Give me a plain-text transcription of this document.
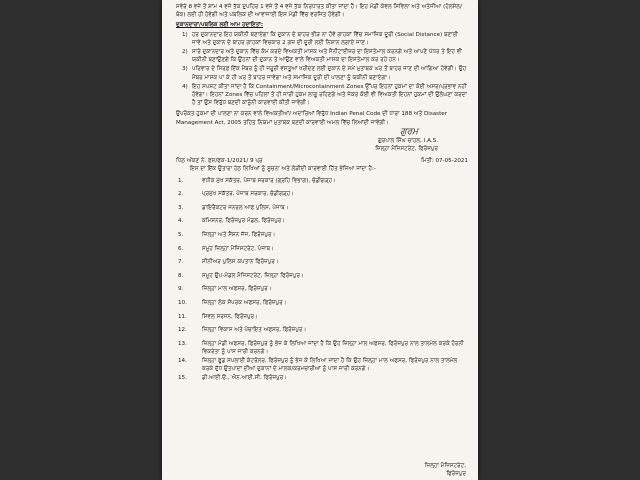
ਸਵੇਰੇ 8 ਵਜੇ ਤੋਂ ਸ਼ਾਮ 4 ਵਜੇ ਤੱਕ ਦੁਪਹਿਰ 1 ਵਜੇ ਤੋਂ 4 ਵਜੇ ਤੱਕ ਨਿਰਧਾਰਤ ਕੀਤਾ ਜਾਂਦਾ ਹੈ। ਇਹ ਮੰਡੀ ਕੇਵਲ ਸਿਵਿਲਾ ਅਤੇ ਅਤੇਜੀਆ (ਹੋਲਸੇਲ/ਥੋਕ) ਲਈ ਹੀ ਹੋਵੇਗੀ ਅਤੇ ਪਬਲਿਕ ਦੀ ਆਵਾਜਾਈ ਇਸ ਮੰਡੀ ਵਿੱਚ ਵਰਜਿਤ ਹੋਵੇਗੀ।

ਦੁਕਾਨਦਾਰਾਂ/ਪਬਲਿਕ ਲਈ ਆਮ ਹਦਾਇਤਾਂ:

1) ਹਰ ਦੁਕਾਨਦਾਰ ਇਹ ਯਕੀਨੀ ਬਣਾਏਗਾ ਕਿ ਦੁਕਾਨ ਦੇ ਬਾਹਰ ਭੀੜ ਨਾ ਹੋਵੇ ਗਾਹਕਾਂ ਵਿੱਚ ਸਮਾਜਿਕ ਦੂਰੀ (Social Distance) ਬਣਾਈ ਜਾਵੇ ਅਤੇ ਦੁਕਾਨ ਦੇ ਬਾਹਰ ਗਾਹਕਾਂ ਵਿਚਕਾਰ 2 ਗਜ਼ ਦੀ ਦੂਰੀ ਲਈ ਨਿਸ਼ਾਨ ਲਗਾਏ ਜਾਣ।
2) ਸਾਰੇ ਦੁਕਾਨਦਾਰ ਅਤੇ ਦੁਕਾਨ ਵਿੱਚ ਕੰਮ ਕਰਦੇ ਵਿਅਕਤੀ ਮਾਸਕ ਅਤੇ ਸੈਨੀਟਾਈਜ਼ਰ ਦਾ ਇਸਤੇਮਾਲ ਕਰਨਗੇ ਅਤੇ ਆਪਣੇ ਪੱਧਰ ਤੇ ਇਹ ਵੀ ਯਕੀਨੀ ਬਣਾਉਣਗੇ ਕਿ ਉਹਨਾਂ ਦੀ ਦੁਕਾਨ ਤੇ ਆਉਣ ਵਾਲੇ ਵਿਅਕਤੀ ਮਾਸਕ ਦਾ ਇਸਤੇਮਾਲ ਕਰ ਰਹੇ ਹਨ।
3) ਪਰਿਵਾਰ ਦੇ ਸਿਰਫ਼ ਇੱਕ ਮੈਂਬਰ ਨੂੰ ਹੀ ਜਰੂਰੀ ਵਸਤੂਆਂ ਖਰੀਦਣ ਲਈ ਦੁਕਾਨ ਦੇ ਸਮੇਂ ਮੁਤਾਬਕ ਘਰ ਤੋਂ ਬਾਹਰ ਜਾਣ ਦੀ ਆਗਿਆ ਹੋਵੇਗੀ। ਉਹ ਮੈਂਬਰ ਮਾਸਕ ਪਾ ਕੇ ਹੀ ਘਰ ਤੋਂ ਬਾਹਰ ਜਾਵੇਗਾ ਅਤੇ ਸਮਾਜਿਕ ਦੂਰੀ ਦੀ ਪਾਲਣਾ ਨੂੰ ਯਕੀਨੀ ਬਣਾਏਗਾ।
4) ਇਹ ਸਪਸ਼ਟ ਕੀਤਾ ਜਾਂਦਾ ਹੈ ਕਿ Containment/Microcontainment Zones ਉੱਪਰ ਇਹਨਾਂ ਹੁਕਮਾਂ ਦਾ ਕੋਈ ਅਸਰ/ਪ੍ਰਭਾਵ ਨਹੀਂ ਹੋਵੇਗਾ। ਇਹਨਾਂ Zones ਵਿੱਚ ਪਹਿਲਾਂ ਤੋਂ ਹੀ ਜਾਰੀ ਹੁਕਮ ਲਾਗੂ ਰਹਿਣਗੇ ਅਤੇ ਜੇਕਰ ਕੋਈ ਵੀ ਵਿਅਕਤੀ ਇਹਨਾਂ ਹੁਕਮਾਂ ਦੀ ਉਲੰਘਣਾ ਕਰਦਾ ਹੈ ਤਾਂ ਉਸ ਵਿਰੁੱਧ ਬਣਦੀ ਕਾਨੂੰਨੀ ਕਾਰਵਾਈ ਕੀਤੀ ਜਾਵੇਗੀ।

ਉਪਰੋਕਤ ਹੁਕਮਾਂ ਦੀ ਪਾਲਣਾ ਨਾ ਕਰਨ ਵਾਲੇ ਵਿਅਕਤੀਆਂ/ ਅਦਾਰਿਆਂ ਵਿਰੁੱਧ Indian Penal Code ਦੀ ਧਾਰਾ 188 ਅਤੇ Disaster Management Act, 2005 ਤਹਿਤ ਨਿਯਮਾਂ ਮੁਤਾਬਕ ਬਣਦੀ ਕਾਰਵਾਈ ਅਮਲ ਵਿੱਚ ਲਿਆਂਦੀ ਜਾਵੇਗੀ।

ਗੁਰਮ
ਗੁਰਪਾਲ ਸਿੰਘ ਚਾਹਲ, I.A.S.
ਜ਼ਿਲ੍ਹਾ ਮੈਜਿਸਟਰੇਟ, ਫਿਰੋਜ਼ਪੁਰ
ਪਿੱਠ ਅੰਕਣ ਨੰ. ਫਸ/ਫਕ-1/2021/ 9̄ ਪ੍ਰ	ਮਿਤੀ: 07-05-2021

ਇਸ ਦਾ ਇੱਕ ਉਤਾਰਾ ਹੇਠ ਲਿਖਿਆਂ ਨੂੰ ਸੂਚਨਾ ਅਤੇ ਲੋੜੀਂਦੀ ਕਾਰਵਾਈ ਹਿੱਤ ਭੇਜਿਆ ਜਾਂਦਾ ਹੈ:-

1.	ਵਧੀਕ ਮੁੱਖ ਸਕੱਤਰ, ਪੰਜਾਬ ਸਰਕਾਰ (ਗ੍ਰਹਿ ਵਿਭਾਗ), ਚੰਡੀਗੜ੍ਹ।
2.	ਪ੍ਰਮੁੱਖ ਸਕੱਤਰ, ਪੰਜਾਬ ਸਰਕਾਰ, ਚੰਡੀਗੜ੍ਹ।
3.	ਡਾਇਰੈਕਟਰ ਜਨਰਲ ਆਫ ਪੁਲਿਸ, ਪੰਜਾਬ।
4.	ਕਮਿਸ਼ਨਰ, ਫਿਰੋਜ਼ਪੁਰ ਮੰਡਲ, ਫਿਰੋਜ਼ਪੁਰ।
5.	ਜ਼ਿਲ੍ਹਾ ਅਤੇ ਸੈਸ਼ਨ ਜੱਜ, ਫਿਰੋਜ਼ਪੁਰ।
6.	ਸਮੂਹ ਜ਼ਿਲ੍ਹਾ ਮੈਜਿਸਟਰੇਟ, ਪੰਜਾਬ।
7.	ਸੀਨੀਅਰ ਪੁਲਿਸ ਕਪਤਾਨ ਫਿਰੋਜ਼ਪੁਰ।
8.	ਸਮੂਹ ਉਪ-ਮੰਡਲ ਮੈਜਿਸਟਰੇਟ, ਜ਼ਿਲ੍ਹਾ ਫਿਰੋਜ਼ਪੁਰ।
9.	ਜ਼ਿਲ੍ਹਾ ਮਾਲ ਅਫਸਰ, ਫਿਰੋਜ਼ਪੁਰ।
10.	ਜ਼ਿਲ੍ਹਾ ਲੋਕ ਸੰਪਰਕ ਅਫਸਰ, ਫਿਰੋਜ਼ਪੁਰ।
11.	ਸਿਵਲ ਸਰਜਨ, ਫਿਰੋਜ਼ਪੁਰ।
12.	ਜ਼ਿਲ੍ਹਾ ਵਿਕਾਸ ਅਤੇ ਪੰਚਾਇਤ ਅਫਸਰ, ਫਿਰੋਜ਼ਪੁਰ।
13.	ਜ਼ਿਲ੍ਹਾ ਮੰਡੀ ਅਫਸਰ, ਫਿਰੋਜ਼ਪੁਰ ਨੂੰ ਭੇਜ ਕੇ ਲਿਖਿਆ ਜਾਂਦਾ ਹੈ ਕਿ ਉਹ ਜ਼ਿਲ੍ਹਾ ਮਾਲ ਅਫਸਰ, ਫਿਰੋਜ਼ਪੁਰ ਨਾਲ ਤਾਲਮੇਲ ਕਰਕੇ ਹੋਰਨੀ ਵਿਕਰੇਤਾ ਨੂੰ ਪਾਸ ਜਾਰੀ ਕਰਨਗੇ।
14.	ਜ਼ਿਲ੍ਹਾ ਫੂਡ ਸਪਲਾਈ ਕੰਟਰੋਲਰ, ਫਿਰੋਜ਼ਪੁਰ ਨੂੰ ਭੇਜ ਕੇ ਲਿਖਿਆ ਜਾਂਦਾ ਹੈ ਕਿ ਉਹ ਜ਼ਿਲ੍ਹਾ ਮਾਲ ਅਫਸਰ, ਫਿਰੋਜ਼ਪੁਰ ਨਾਲ ਤਾਲਮੇਲ ਕਰਕੇ ਦੁੱਧ ਉਤਪਾਦਾਂ ਦੀਆਂ ਦੁਕਾਨਾਂ ਦੇ ਮਾਲਕ/ਕਰਮਚਾਰੀਆਂ ਨੂੰ ਪਾਸ ਜਾਰੀ ਕਰਨਗੇ।
15.	ਡੀ.ਆਈ.ਓ., ਐਨ.ਆਈ.ਸੀ. ਫਿਰੋਜ਼ਪੁਰ।
ਜ਼ਿਲ੍ਹਾ ਮੈਜਿਸਟਰੇਟ,
ਫਿਰੋਜ਼ਪੁਰ
